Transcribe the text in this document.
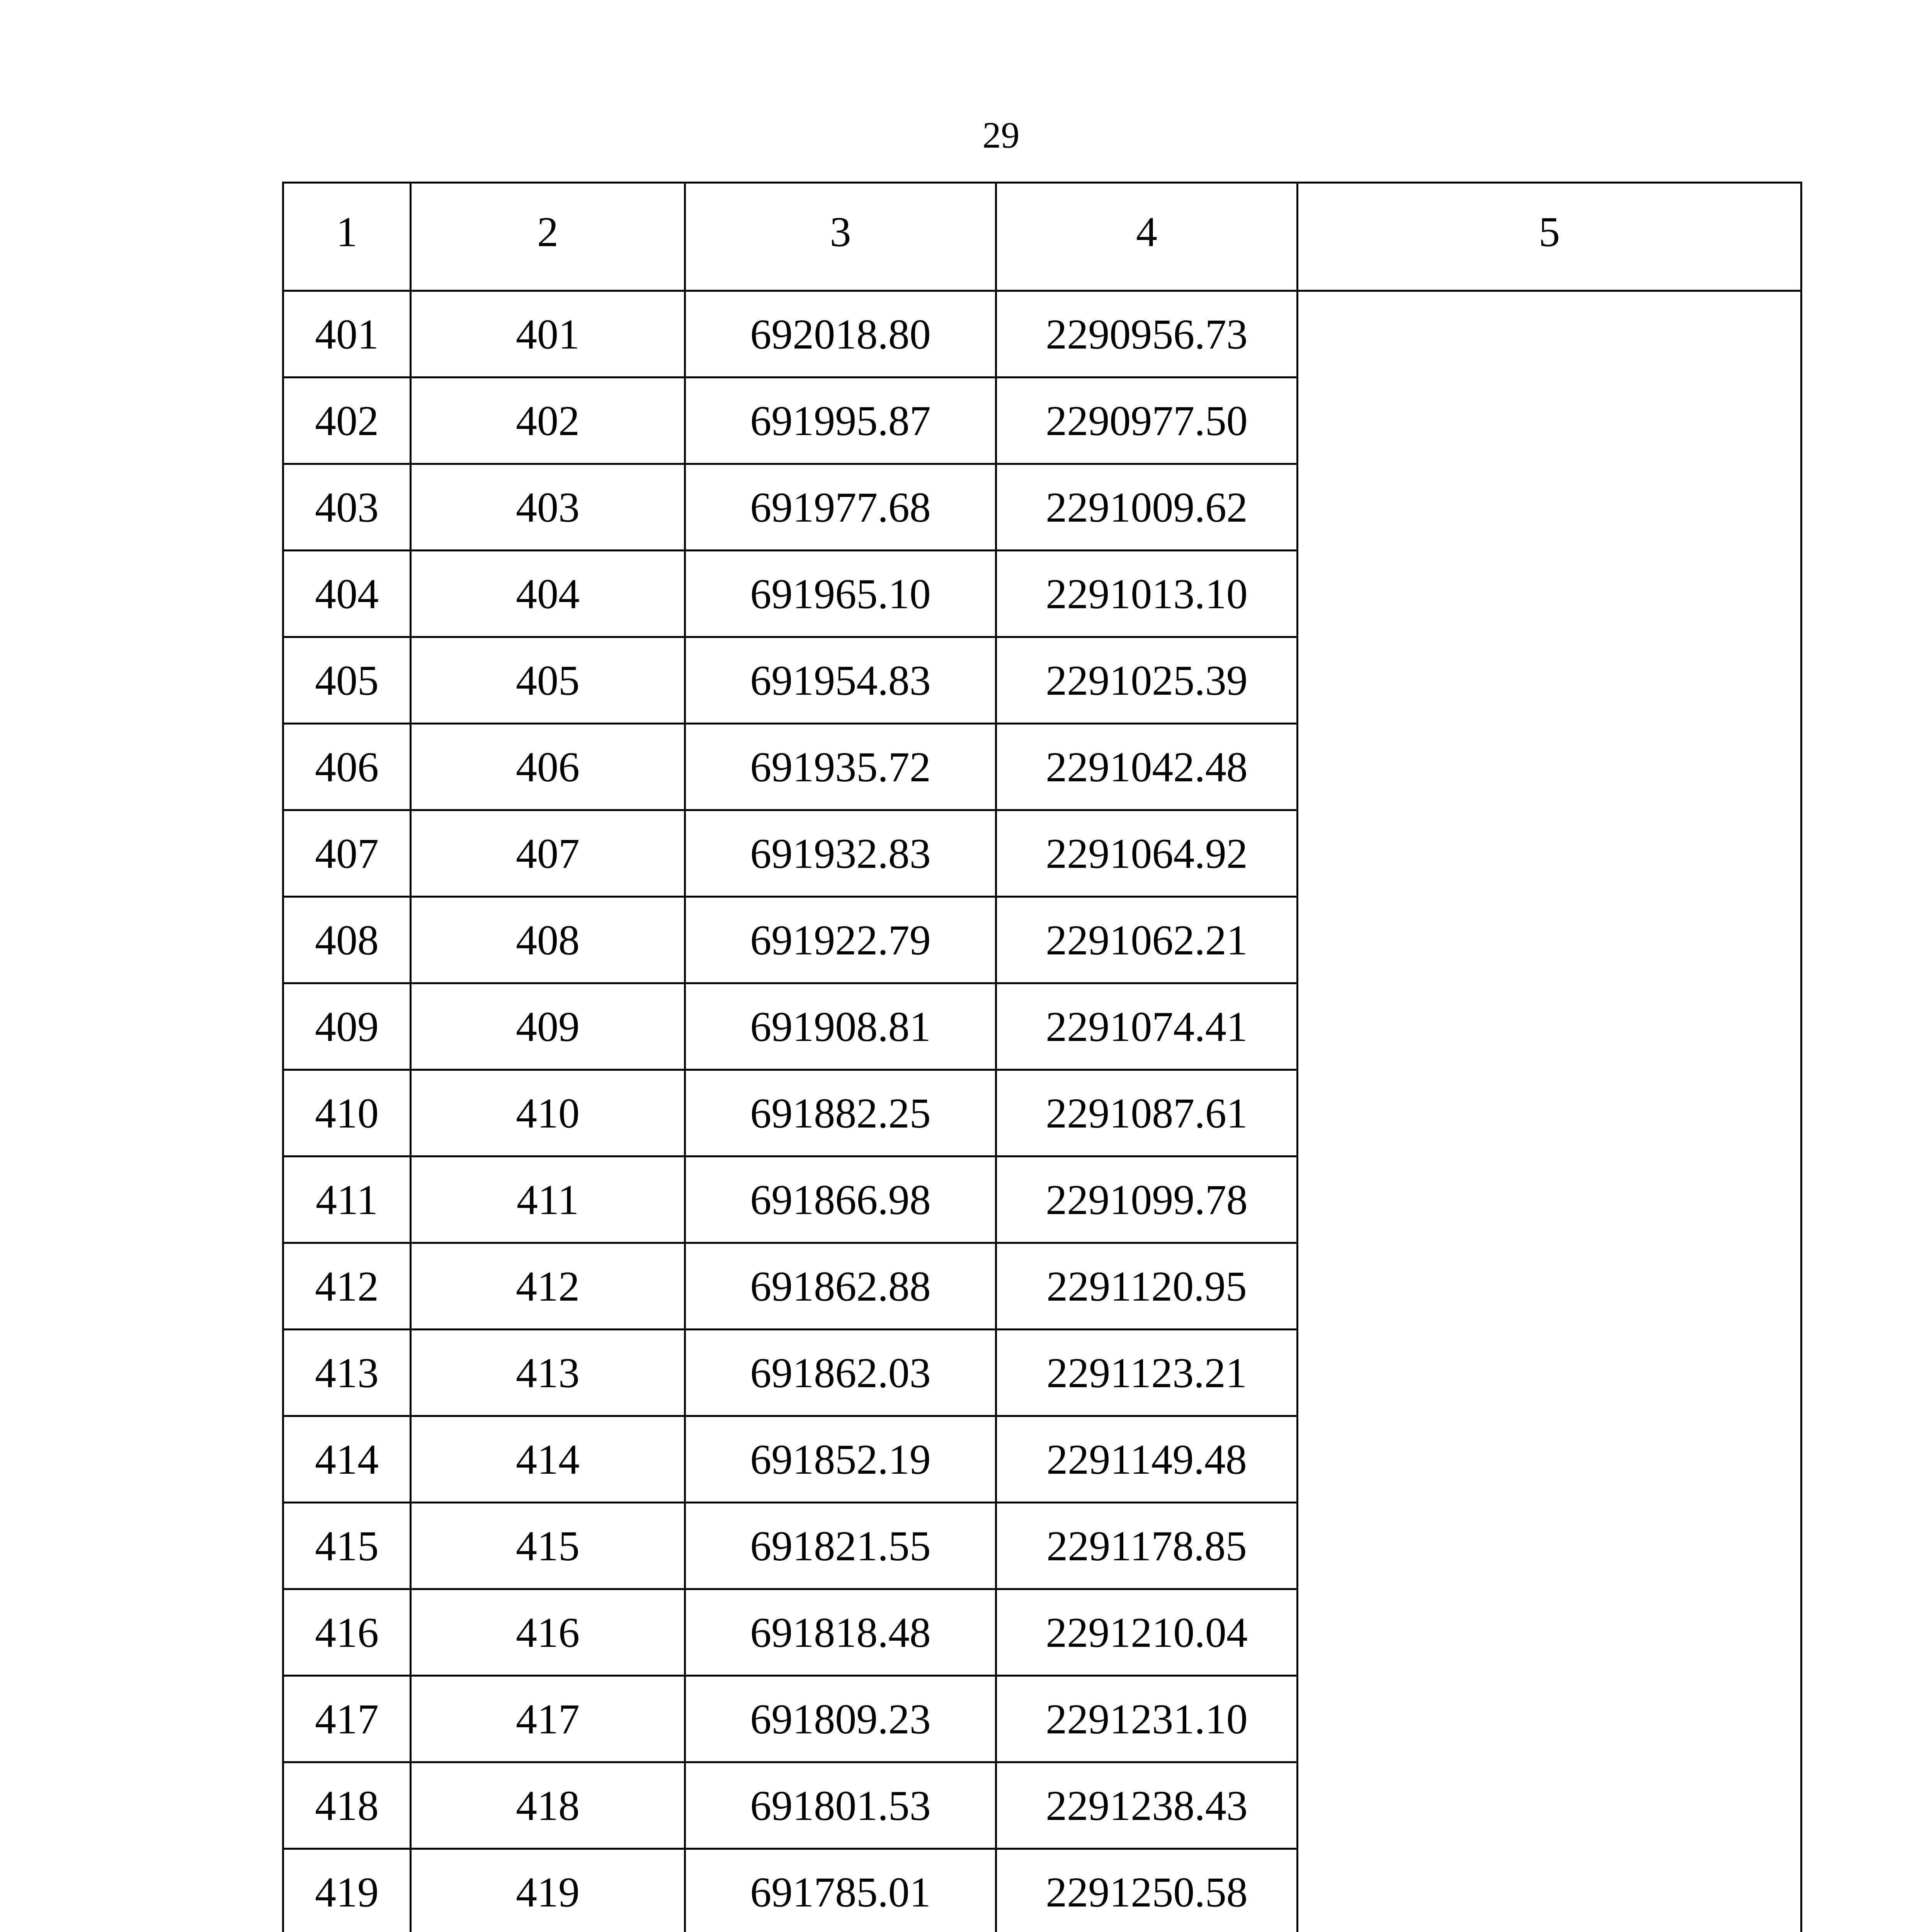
29
1	2	3	4	5
401	401	692018.80	2290956.73	
402	402	691995.87	2290977.50	
403	403	691977.68	2291009.62	
404	404	691965.10	2291013.10	
405	405	691954.83	2291025.39	
406	406	691935.72	2291042.48	
407	407	691932.83	2291064.92	
408	408	691922.79	2291062.21	
409	409	691908.81	2291074.41	
410	410	691882.25	2291087.61	
411	411	691866.98	2291099.78	
412	412	691862.88	2291120.95	
413	413	691862.03	2291123.21	
414	414	691852.19	2291149.48	
415	415	691821.55	2291178.85	
416	416	691818.48	2291210.04	
417	417	691809.23	2291231.10	
418	418	691801.53	2291238.43	
419	419	691785.01	2291250.58	
